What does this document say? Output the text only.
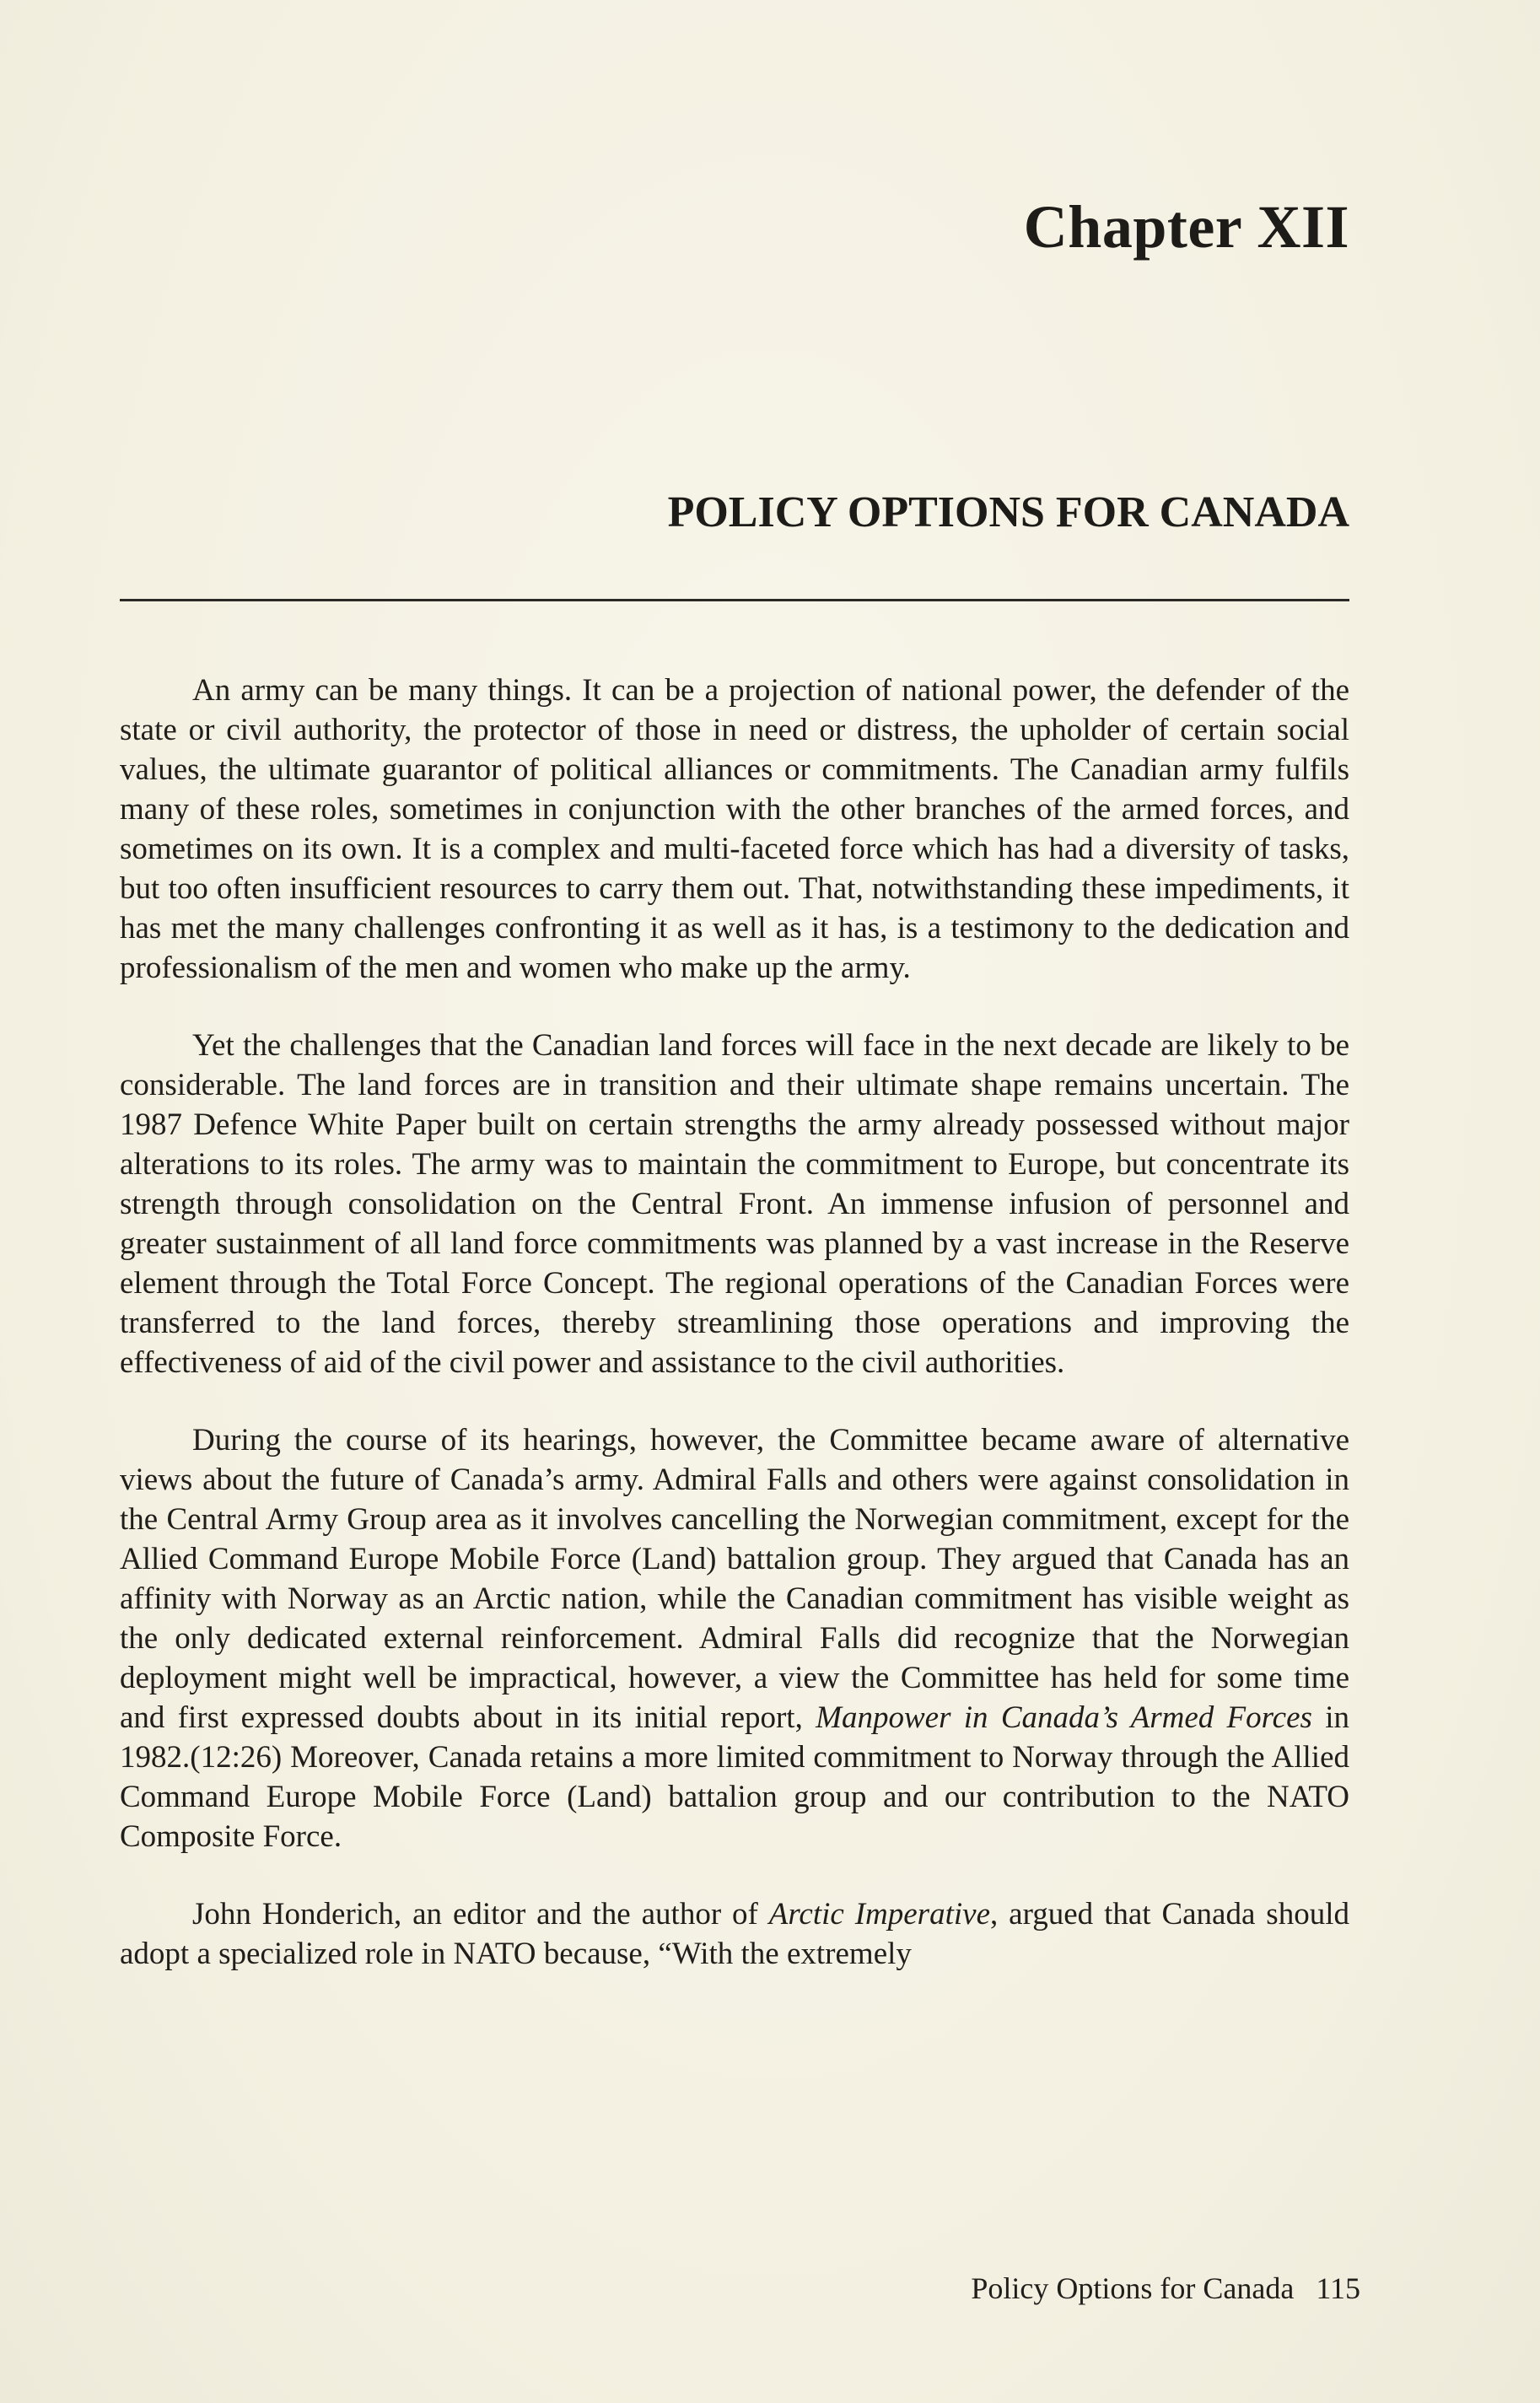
Chapter XII
POLICY OPTIONS FOR CANADA

An army can be many things. It can be a projection of national power, the defender of the state or civil authority, the protector of those in need or distress, the upholder of certain social values, the ultimate guarantor of political alliances or commitments. The Canadian army fulfils many of these roles, sometimes in conjunction with the other branches of the armed forces, and sometimes on its own. It is a complex and multi-faceted force which has had a diversity of tasks, but too often insufficient resources to carry them out. That, notwithstanding these impediments, it has met the many challenges confronting it as well as it has, is a testimony to the dedication and professionalism of the men and women who make up the army.

Yet the challenges that the Canadian land forces will face in the next decade are likely to be considerable. The land forces are in transition and their ultimate shape remains uncertain. The 1987 Defence White Paper built on certain strengths the army already possessed without major alterations to its roles. The army was to maintain the commitment to Europe, but concentrate its strength through consolidation on the Central Front. An immense infusion of personnel and greater sustainment of all land force commitments was planned by a vast increase in the Reserve element through the Total Force Concept. The regional operations of the Canadian Forces were transferred to the land forces, thereby streamlining those operations and improving the effectiveness of aid of the civil power and assistance to the civil authorities.

During the course of its hearings, however, the Committee became aware of alternative views about the future of Canada’s army. Admiral Falls and others were against consolidation in the Central Army Group area as it involves cancelling the Norwegian commitment, except for the Allied Command Europe Mobile Force (Land) battalion group. They argued that Canada has an affinity with Norway as an Arctic nation, while the Canadian commitment has visible weight as the only dedicated external reinforcement. Admiral Falls did recognize that the Norwegian deployment might well be impractical, however, a view the Committee has held for some time and first expressed doubts about in its initial report, Manpower in Canada’s Armed Forces in 1982.(12:26) Moreover, Canada retains a more limited commitment to Norway through the Allied Command Europe Mobile Force (Land) battalion group and our contribution to the NATO Composite Force.

John Honderich, an editor and the author of Arctic Imperative, argued that Canada should adopt a specialized role in NATO because, “With the extremely

Policy Options for Canada 115
